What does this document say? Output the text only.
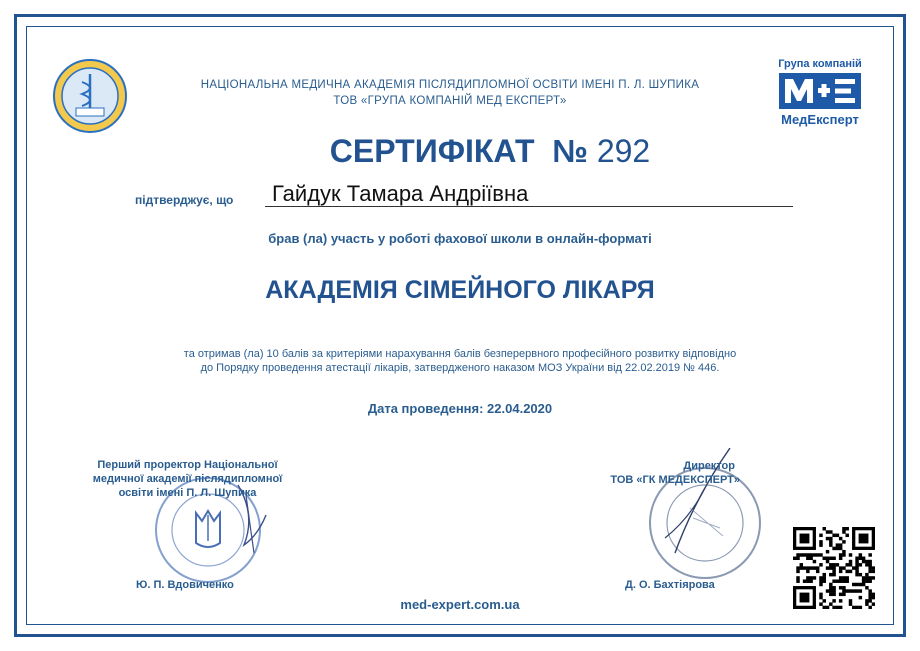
НАЦІОНАЛЬНА МЕДИЧНА АКАДЕМІЯ ПІСЛЯДИПЛОМНОЇ ОСВІТИ ІМЕНІ П. Л. ШУПИКА
ТОВ «ГРУПА КОМПАНІЙ МЕД ЕКСПЕРТ»
Група компаній
МедЕксперт
СЕРТИФІКАТ № 292
підтверджує, що Гайдук Тамара Андріївна
брав (ла) участь у роботі фахової школи в онлайн-форматі
АКАДЕМІЯ СІМЕЙНОГО ЛІКАРЯ
та отримав (ла) 10 балів за критеріями нарахування балів безперервного професійного розвитку відповідно
до Порядку проведення атестації лікарів, затвердженого наказом МОЗ України від 22.02.2019 № 446.
Дата проведення: 22.04.2020
Перший проректор Національної
медичної академії післядипломної
освіти імені П. Л. Шупика
Ю. П. Вдовиченко
Директор
ТОВ «ГК МЕДЕКСПЕРТ»
Д. О. Бахтіярова
med-expert.com.ua
